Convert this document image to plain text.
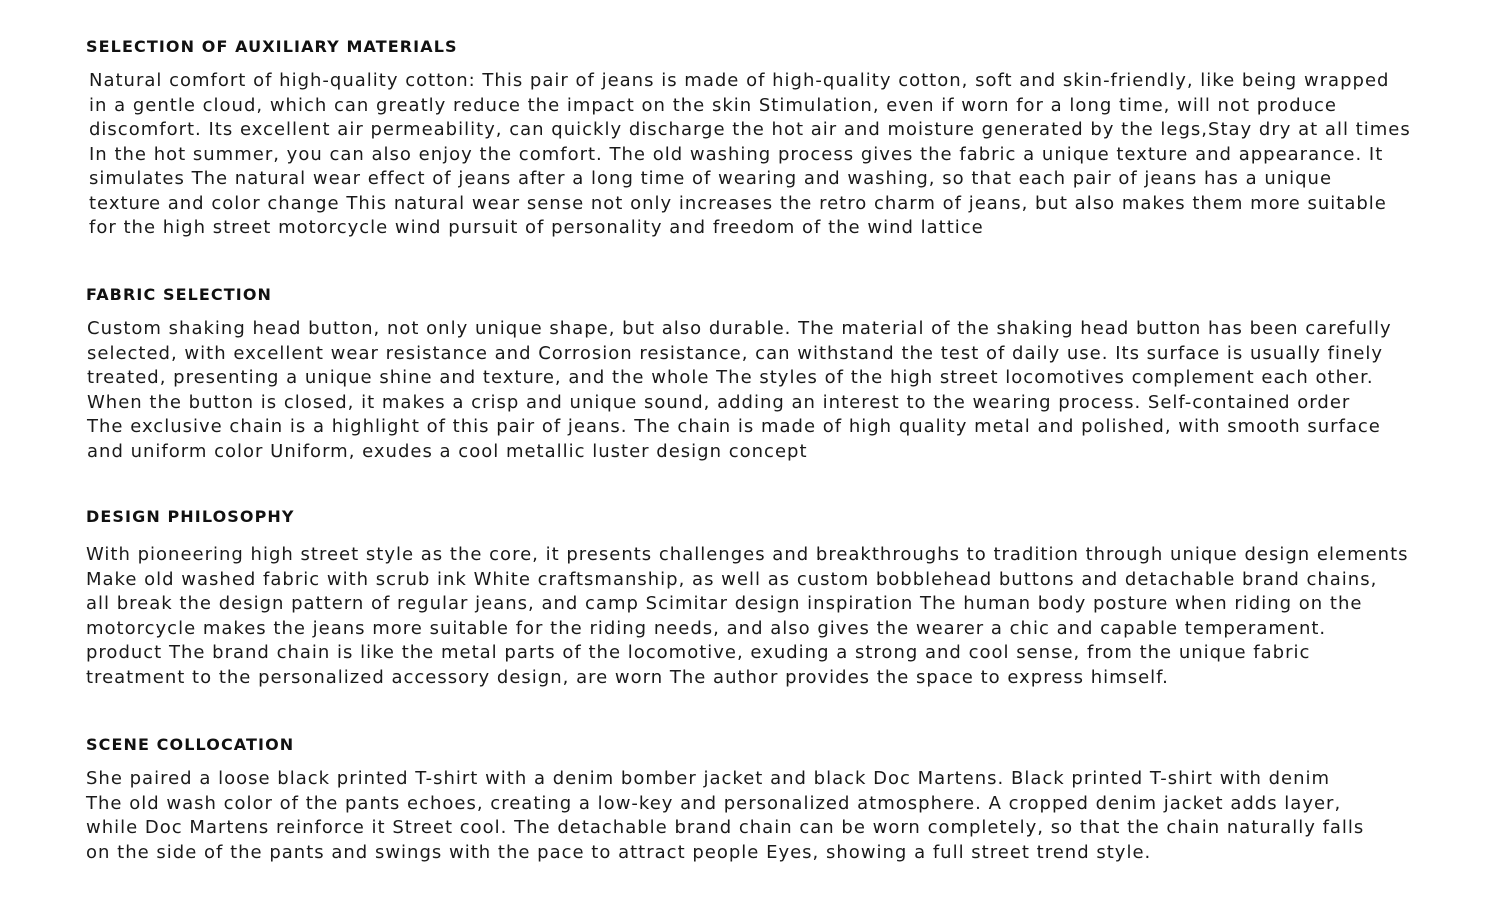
SELECTION OF AUXILIARY MATERIALS

Natural comfort of high-quality cotton: This pair of jeans is made of high-quality cotton, soft and skin-friendly, like being wrapped
in a gentle cloud, which can greatly reduce the impact on the skin Stimulation, even if worn for a long time, will not produce
discomfort. Its excellent air permeability, can quickly discharge the hot air and moisture generated by the legs,Stay dry at all times
In the hot summer, you can also enjoy the comfort. The old washing process gives the fabric a unique texture and appearance. It
simulates The natural wear effect of jeans after a long time of wearing and washing, so that each pair of jeans has a unique
texture and color change This natural wear sense not only increases the retro charm of jeans, but also makes them more suitable
for the high street motorcycle wind pursuit of personality and freedom of the wind lattice

FABRIC SELECTION

Custom shaking head button, not only unique shape, but also durable. The material of the shaking head button has been carefully
selected, with excellent wear resistance and Corrosion resistance, can withstand the test of daily use. Its surface is usually finely
treated, presenting a unique shine and texture, and the whole The styles of the high street locomotives complement each other.
When the button is closed, it makes a crisp and unique sound, adding an interest to the wearing process. Self-contained order
The exclusive chain is a highlight of this pair of jeans. The chain is made of high quality metal and polished, with smooth surface
and uniform color Uniform, exudes a cool metallic luster design concept

DESIGN PHILOSOPHY

With pioneering high street style as the core, it presents challenges and breakthroughs to tradition through unique design elements
Make old washed fabric with scrub ink White craftsmanship, as well as custom bobblehead buttons and detachable brand chains,
all break the design pattern of regular jeans, and camp Scimitar design inspiration The human body posture when riding on the
motorcycle makes the jeans more suitable for the riding needs, and also gives the wearer a chic and capable temperament.
product The brand chain is like the metal parts of the locomotive, exuding a strong and cool sense, from the unique fabric
treatment to the personalized accessory design, are worn The author provides the space to express himself.

SCENE COLLOCATION

She paired a loose black printed T-shirt with a denim bomber jacket and black Doc Martens. Black printed T-shirt with denim
The old wash color of the pants echoes, creating a low-key and personalized atmosphere. A cropped denim jacket adds layer,
while Doc Martens reinforce it Street cool. The detachable brand chain can be worn completely, so that the chain naturally falls
on the side of the pants and swings with the pace to attract people Eyes, showing a full street trend style.
